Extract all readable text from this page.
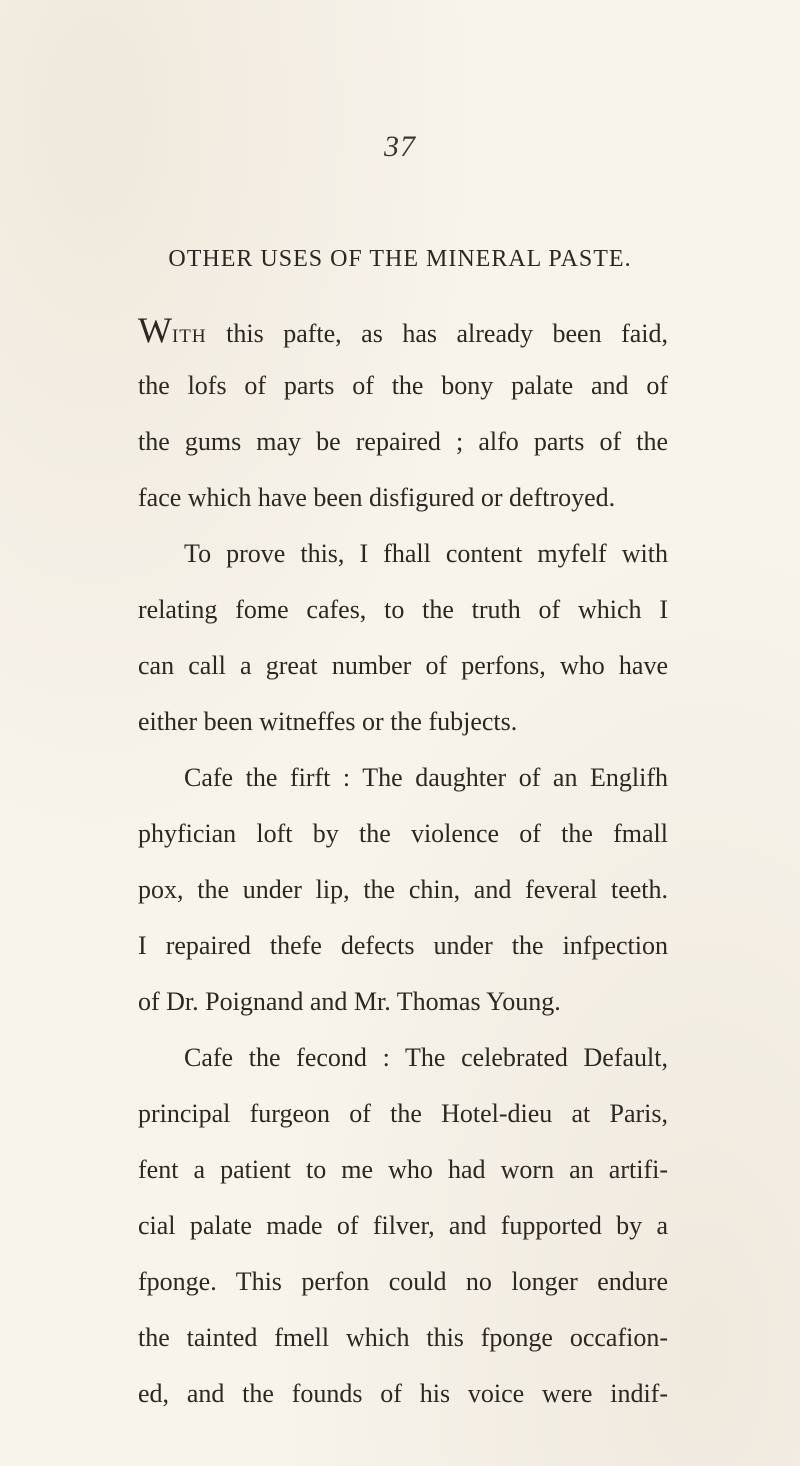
37
OTHER USES OF THE MINERAL PASTE.
WITH this pafte, as has already been faid,
the lofs of parts of the bony palate and of
the gums may be repaired ; alfo parts of the
face which have been disfigured or deftroyed.
To prove this, I fhall content myfelf with
relating fome cafes, to the truth of which I
can call a great number of perfons, who have
either been witneffes or the fubjects.
Cafe the firft : The daughter of an Englifh
phyfician loft by the violence of the fmall
pox, the under lip, the chin, and feveral teeth.
I repaired thefe defects under the infpection
of Dr. Poignand and Mr. Thomas Young.
Cafe the fecond : The celebrated Default,
principal furgeon of the Hotel-dieu at Paris,
fent a patient to me who had worn an artifi-
cial palate made of filver, and fupported by a
fponge. This perfon could no longer endure
the tainted fmell which this fponge occafion-
ed, and the founds of his voice were indif-
